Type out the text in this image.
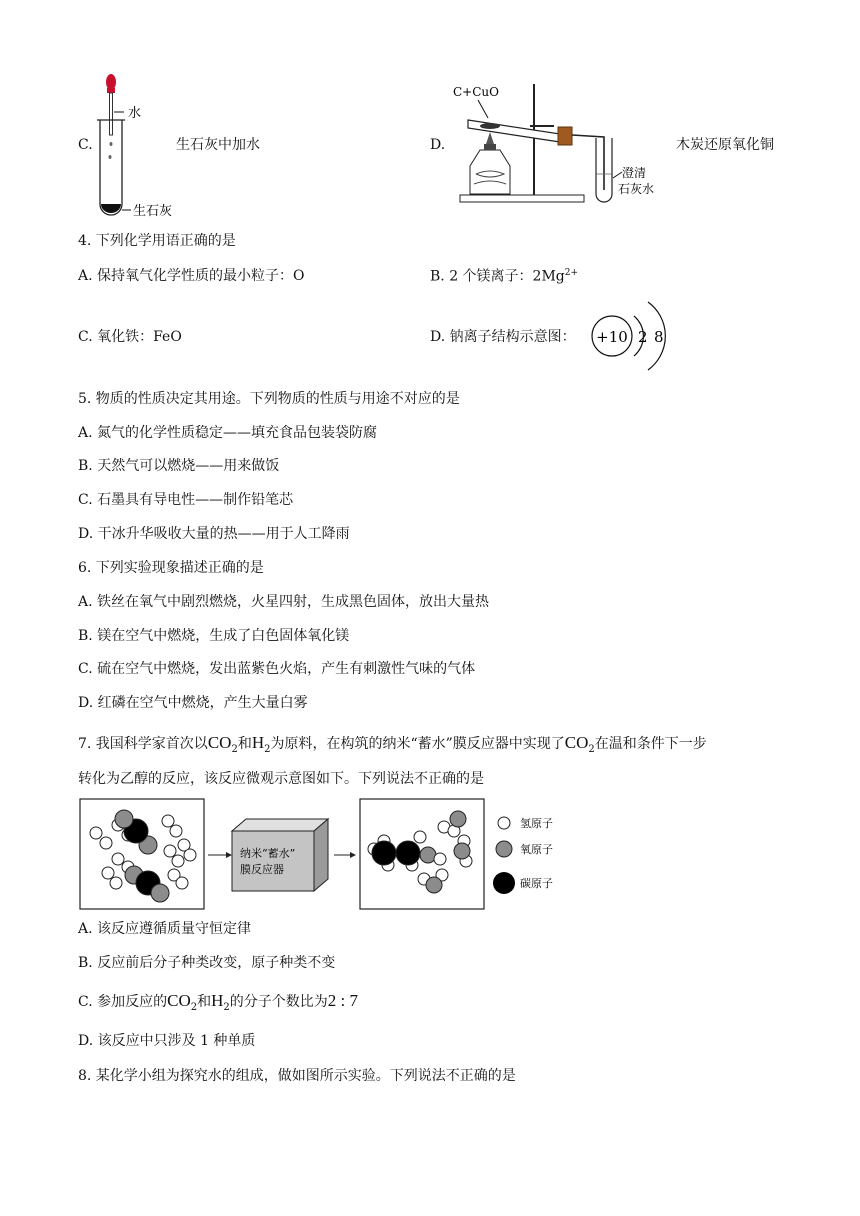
C.
水
生石灰
生石灰中加水	D.
C+CuO
澄清
石灰水
木炭还原氧化铜
4. 下列化学用语正确的是
A. 保持氧气化学性质的最小粒子：O	B. 2 个镁离子：$2Mg^{2+}$
C. 氧化铁：FeO	D. 钠离子结构示意图： +10 2 8
5. 物质的性质决定其用途。下列物质的性质与用途不对应的是
A. 氮气的化学性质稳定——填充食品包装袋防腐
B. 天然气可以燃烧——用来做饭
C. 石墨具有导电性——制作铅笔芯
D. 干冰升华吸收大量的热——用于人工降雨
6. 下列实验现象描述正确的是
A. 铁丝在氧气中剧烈燃烧，火星四射，生成黑色固体，放出大量热
B. 镁在空气中燃烧，生成了白色固体氧化镁
C. 硫在空气中燃烧，发出蓝紫色火焰，产生有刺激性气味的气体
D. 红磷在空气中燃烧，产生大量白雾
7. 我国科学家首次以$CO_2$和$H_2$为原料，在构筑的纳米“蓄水”膜反应器中实现了$CO_2$在温和条件下一步
转化为乙醇的反应，该反应微观示意图如下。下列说法不正确的是
纳米“蓄水”
膜反应器
氢原子
氧原子
碳原子
A. 该反应遵循质量守恒定律
B. 反应前后分子种类改变，原子种类不变
C. 参加反应的$CO_2$和$H_2$的分子个数比为2 : 7
D. 该反应中只涉及 1 种单质
8. 某化学小组为探究水的组成，做如图所示实验。下列说法不正确的是
